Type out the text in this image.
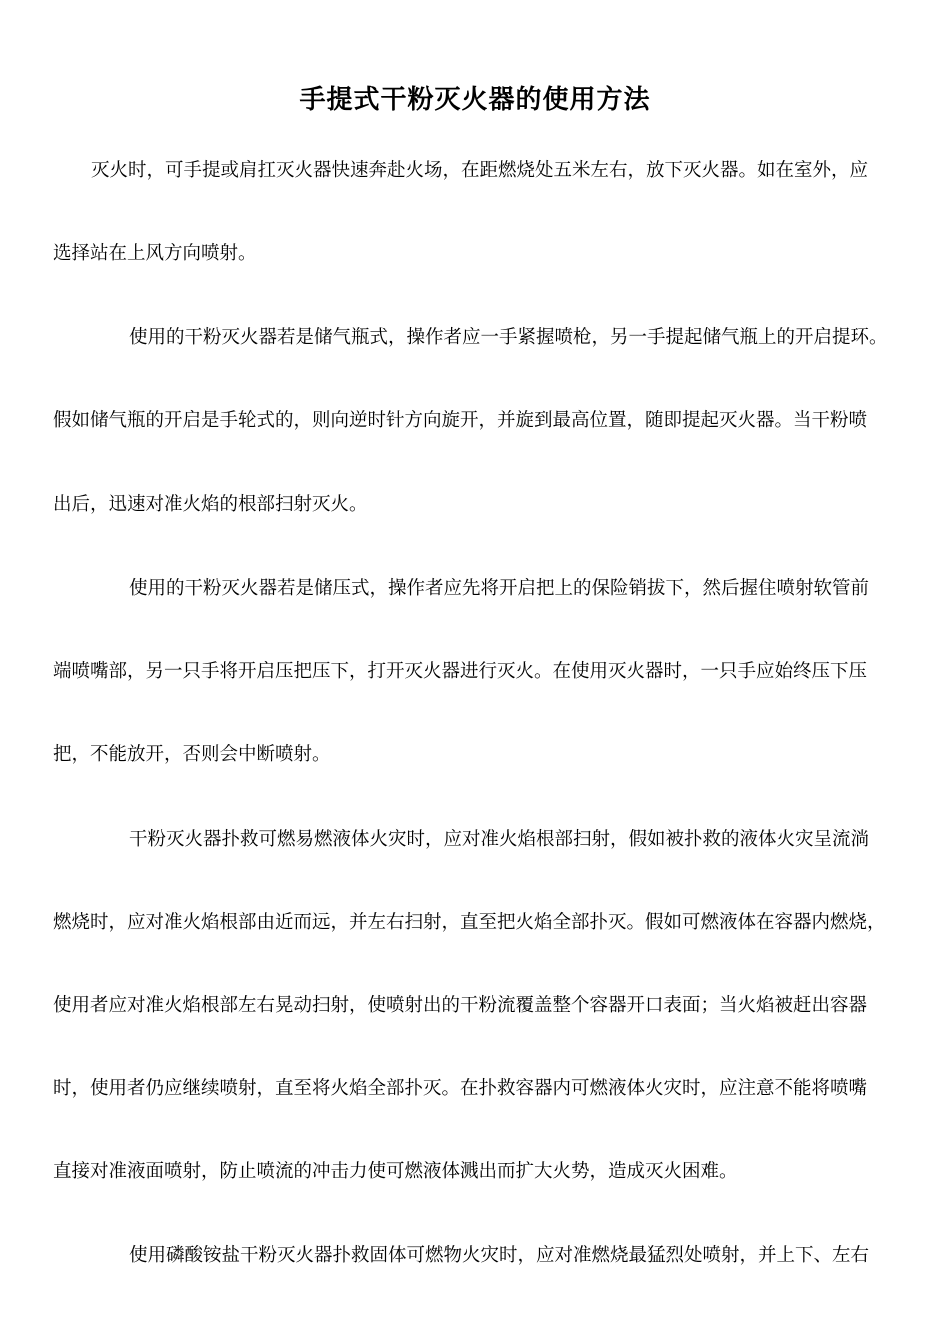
手提式干粉灭火器的使用方法
灭火时，可手提或肩扛灭火器快速奔赴火场，在距燃烧处五米左右，放下灭火器。如在室外，应
选择站在上风方向喷射。
使用的干粉灭火器若是储气瓶式，操作者应一手紧握喷枪，另一手提起储气瓶上的开启提环。
假如储气瓶的开启是手轮式的，则向逆时针方向旋开，并旋到最高位置，随即提起灭火器。当干粉喷
出后，迅速对准火焰的根部扫射灭火。
使用的干粉灭火器若是储压式，操作者应先将开启把上的保险销拔下，然后握住喷射软管前
端喷嘴部，另一只手将开启压把压下，打开灭火器进行灭火。在使用灭火器时，一只手应始终压下压
把，不能放开，否则会中断喷射。
干粉灭火器扑救可燃易燃液体火灾时，应对准火焰根部扫射，假如被扑救的液体火灾呈流淌
燃烧时，应对准火焰根部由近而远，并左右扫射，直至把火焰全部扑灭。假如可燃液体在容器内燃烧，
使用者应对准火焰根部左右晃动扫射，使喷射出的干粉流覆盖整个容器开口表面；当火焰被赶出容器
时，使用者仍应继续喷射，直至将火焰全部扑灭。在扑救容器内可燃液体火灾时，应注意不能将喷嘴
直接对准液面喷射，防止喷流的冲击力使可燃液体溅出而扩大火势，造成灭火困难。
使用磷酸铵盐干粉灭火器扑救固体可燃物火灾时，应对准燃烧最猛烈处喷射，并上下、左右
